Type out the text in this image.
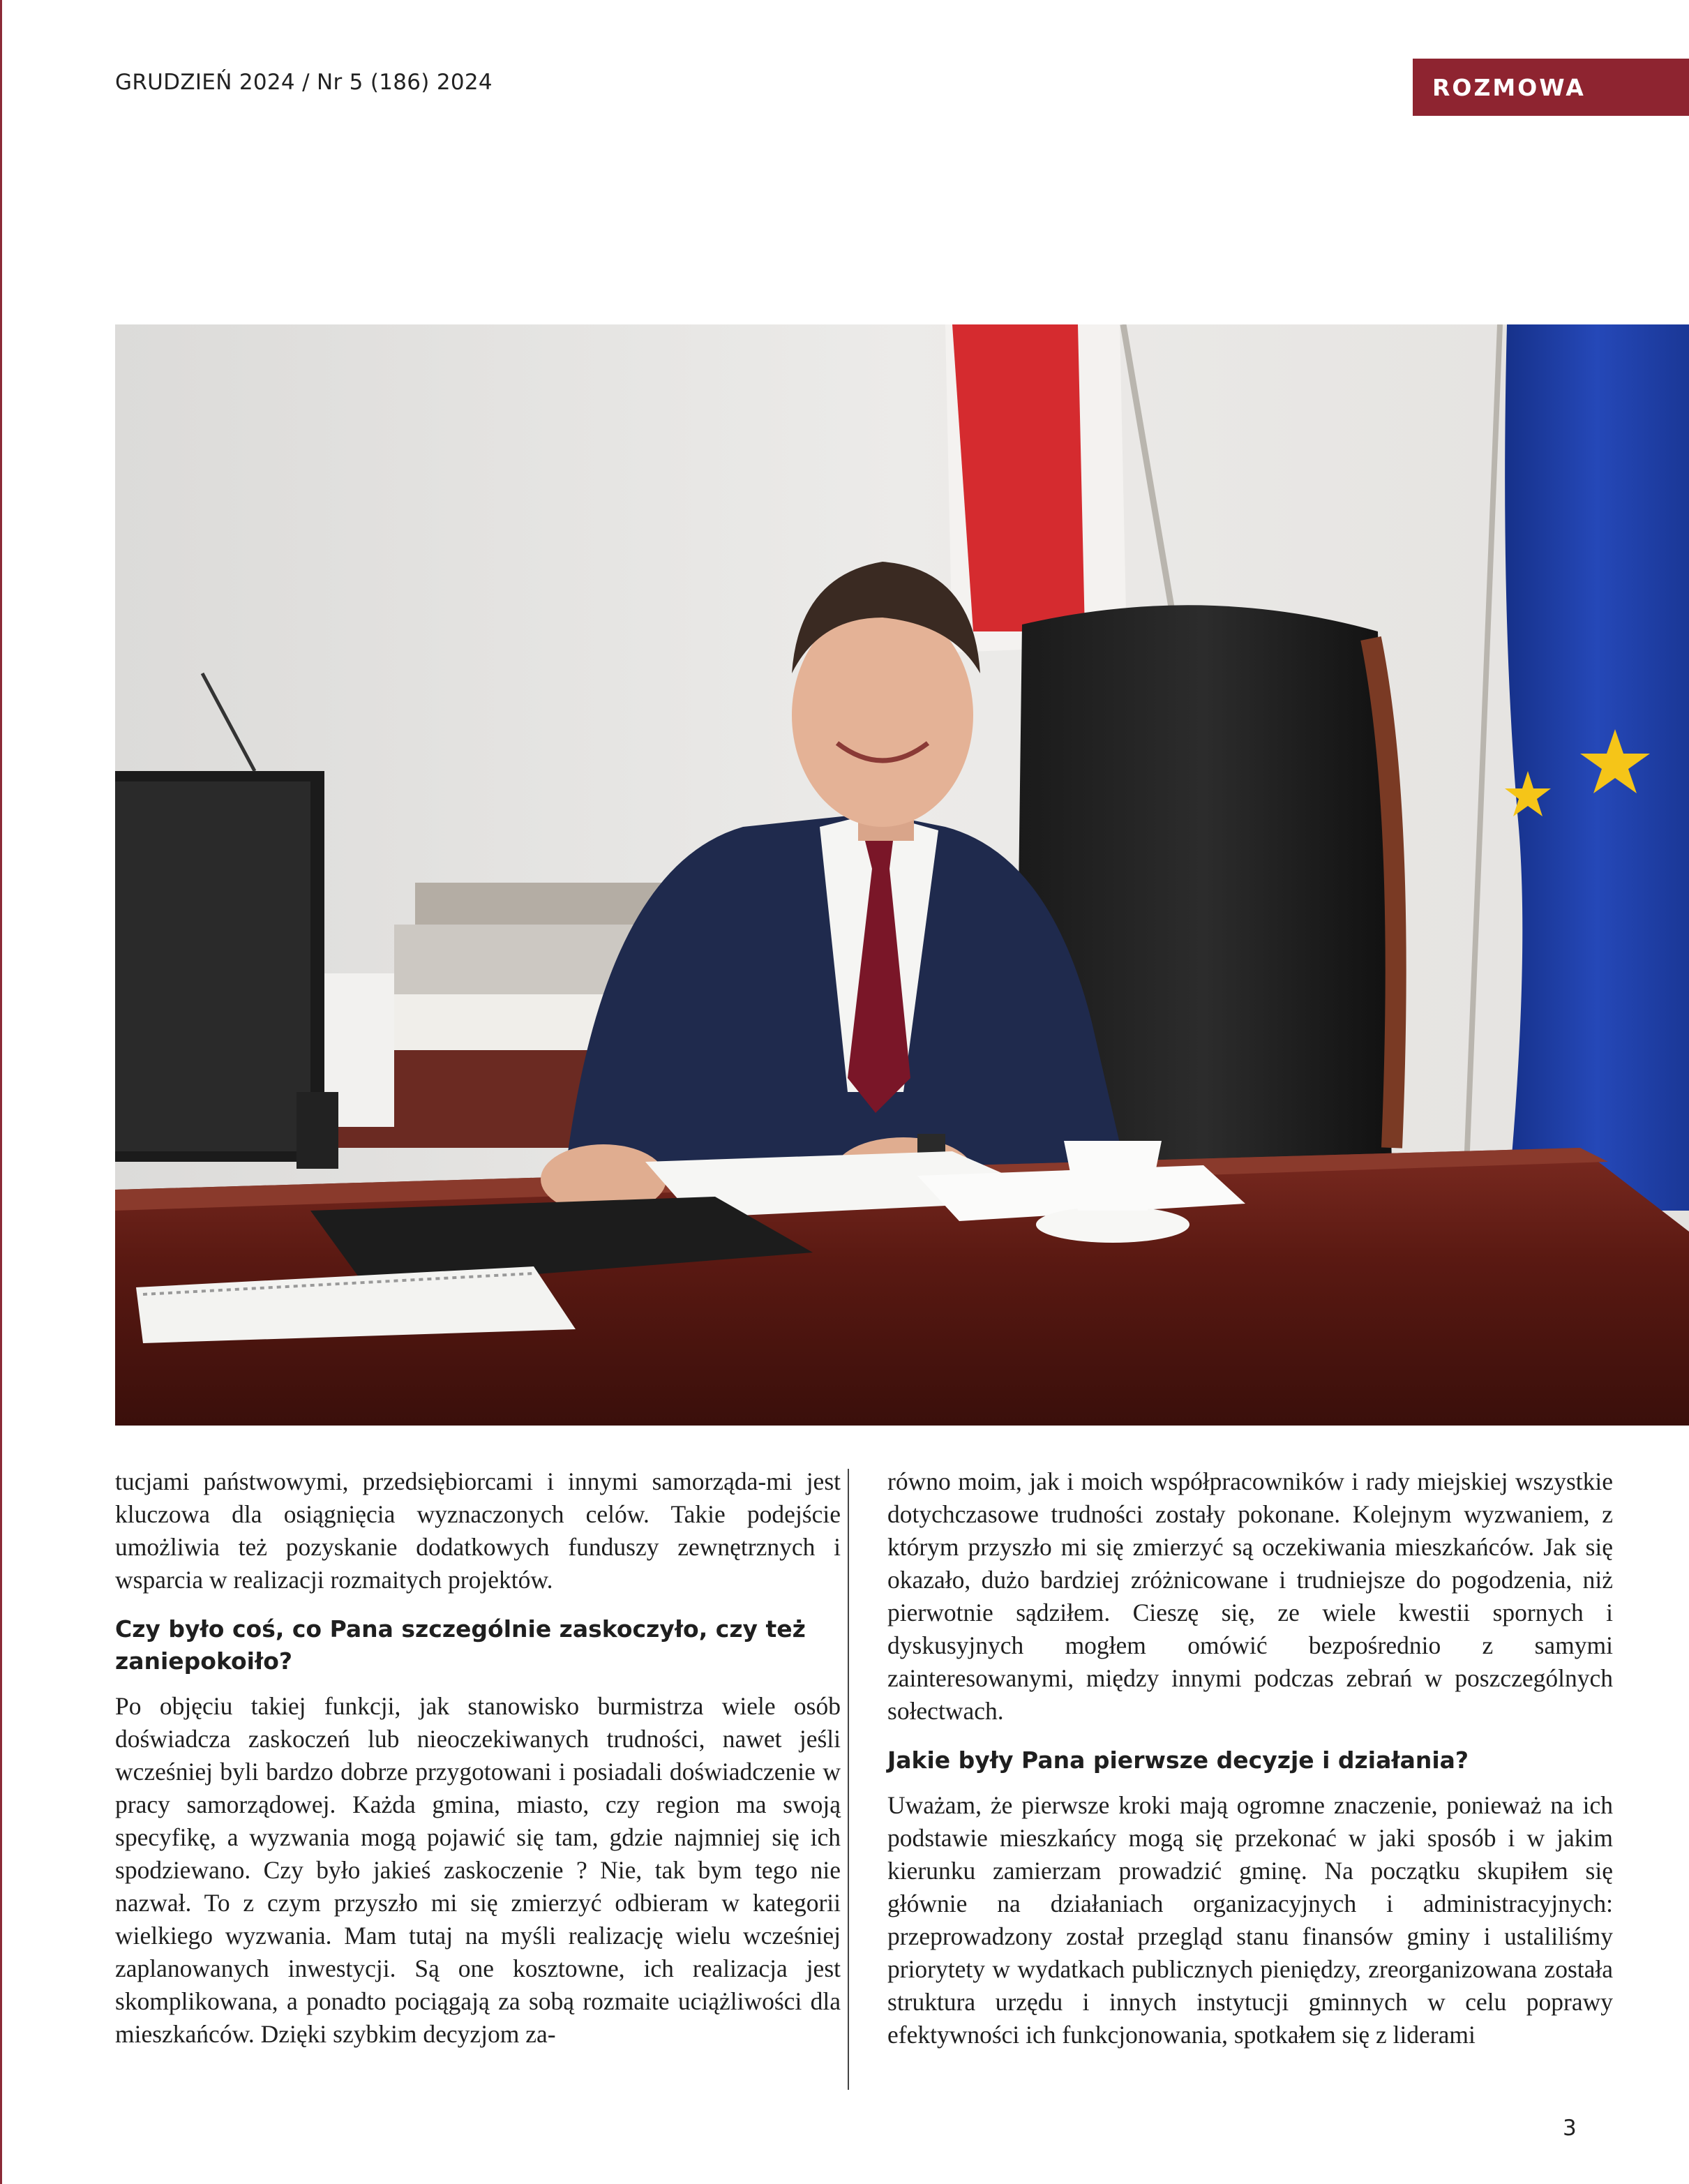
GRUDZIEŃ 2024 / Nr 5 (186) 2024	ROZMOWA

tucjami państwowymi, przedsiębiorcami i innymi samorząda-mi jest kluczowa dla osiągnięcia wyznaczonych celów. Takie podejście umożliwia też pozyskanie dodatkowych funduszy zewnętrznych i wsparcia w realizacji rozmaitych projektów.

Czy było coś, co Pana szczególnie zaskoczyło, czy też zaniepokoiło?

Po objęciu takiej funkcji, jak stanowisko burmistrza wiele osób doświadcza zaskoczeń lub nieoczekiwanych trudności, nawet jeśli wcześniej byli bardzo dobrze przygotowani i posiadali doświadczenie w pracy samorządowej. Każda gmina, miasto, czy region ma swoją specyfikę, a wyzwania mogą pojawić się tam, gdzie najmniej się ich spodziewano. Czy było jakieś zaskoczenie ? Nie, tak bym tego nie nazwał. To z czym przyszło mi się zmierzyć odbieram w kategorii wielkiego wyzwania. Mam tutaj na myśli realizację wielu wcześniej zaplanowanych inwestycji. Są one kosztowne, ich realizacja jest skomplikowana, a ponadto pociągają za sobą rozmaite uciążliwości dla mieszkańców. Dzięki szybkim decyzjom za-

równo moim, jak i moich współpracowników i rady miejskiej wszystkie dotychczasowe trudności zostały pokonane. Kolejnym wyzwaniem, z którym przyszło mi się zmierzyć są oczekiwania mieszkańców. Jak się okazało, dużo bardziej zróżnicowane i trudniejsze do pogodzenia, niż pierwotnie sądziłem. Cieszę się, ze wiele kwestii spornych i dyskusyjnych mogłem omówić bezpośrednio z samymi zainteresowanymi, między innymi podczas zebrań w poszczególnych sołectwach.

Jakie były Pana pierwsze decyzje i działania?

Uważam, że pierwsze kroki mają ogromne znaczenie, ponieważ na ich podstawie mieszkańcy mogą się przekonać w jaki sposób i w jakim kierunku zamierzam prowadzić gminę. Na początku skupiłem się głównie na działaniach organizacyjnych i administracyjnych: przeprowadzony został przegląd stanu finansów gminy i ustaliliśmy priorytety w wydatkach publicznych pieniędzy, zreorganizowana została struktura urzędu i innych instytucji gminnych w celu poprawy efektywności ich funkcjonowania, spotkałem się z liderami

3
